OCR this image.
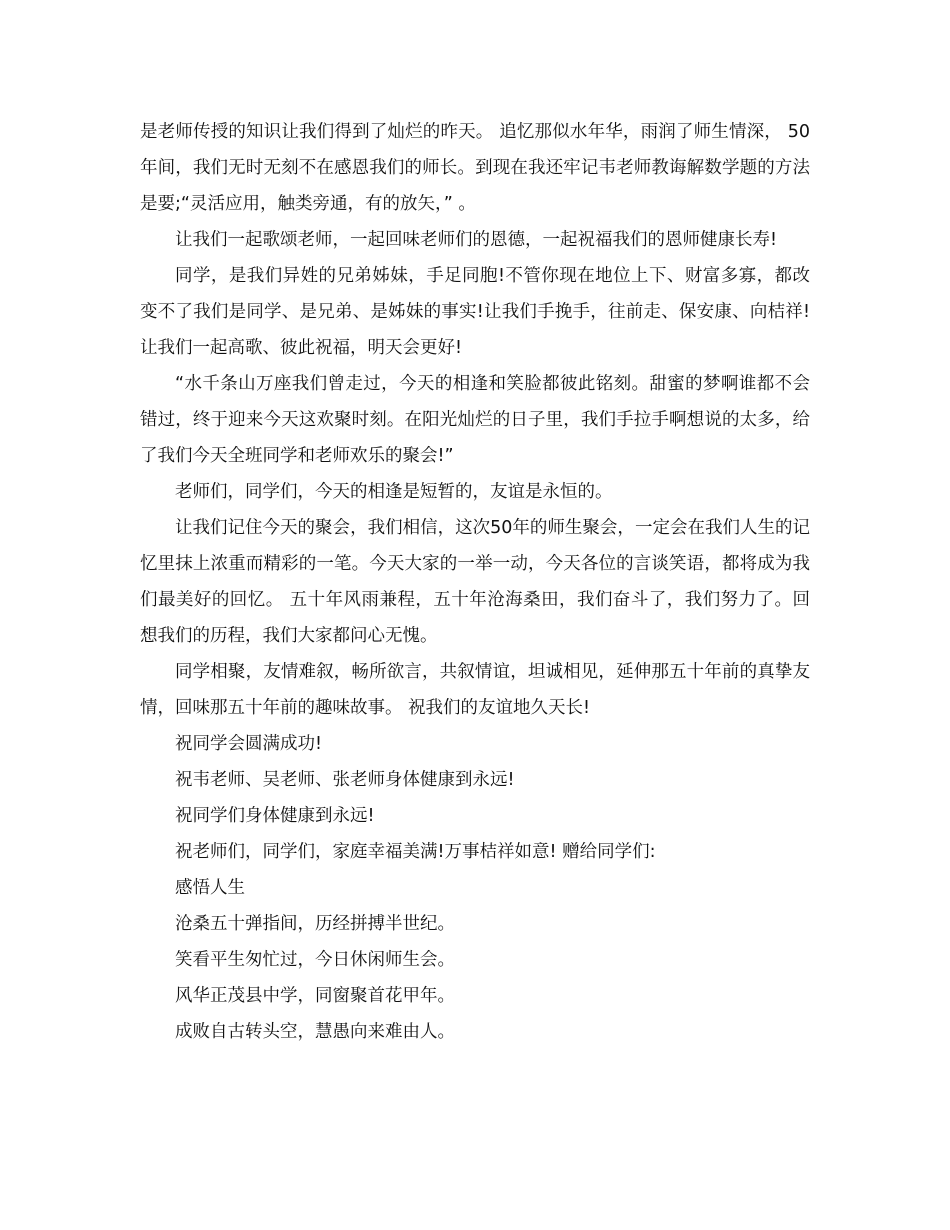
是老师传授的知识让我们得到了灿烂的昨天。 追忆那似水年华，雨润了师生情深， 50年间，我们无时无刻不在感恩我们的师长。到现在我还牢记韦老师教诲解数学题的方法是要;“灵活应用，触类旁通，有的放矢，” 。

让我们一起歌颂老师，一起回味老师们的恩德，一起祝福我们的恩师健康长寿!

同学，是我们异姓的兄弟姊妹，手足同胞!不管你现在地位上下、财富多寡，都改变不了我们是同学、是兄弟、是姊妹的事实!让我们手挽手，往前走、保安康、向桔祥!让我们一起高歌、彼此祝福，明天会更好!

“水千条山万座我们曾走过，今天的相逢和笑脸都彼此铭刻。甜蜜的梦啊谁都不会错过，终于迎来今天这欢聚时刻。在阳光灿烂的日子里，我们手拉手啊想说的太多，给了我们今天全班同学和老师欢乐的聚会!”

老师们，同学们，今天的相逢是短暂的，友谊是永恒的。

让我们记住今天的聚会，我们相信，这次50年的师生聚会，一定会在我们人生的记忆里抹上浓重而精彩的一笔。今天大家的一举一动，今天各位的言谈笑语，都将成为我们最美好的回忆。 五十年风雨兼程，五十年沧海桑田，我们奋斗了，我们努力了。回想我们的历程，我们大家都问心无愧。

同学相聚，友情难叙，畅所欲言，共叙情谊，坦诚相见，延伸那五十年前的真挚友情，回味那五十年前的趣味故事。 祝我们的友谊地久天长!

祝同学会圆满成功!

祝韦老师、吴老师、张老师身体健康到永远!

祝同学们身体健康到永远!

祝老师们，同学们，家庭幸福美满!万事桔祥如意! 赠给同学们:

感悟人生

沧桑五十弹指间，历经拼搏半世纪。

笑看平生匆忙过，今日休闲师生会。

风华正茂县中学，同窗聚首花甲年。

成败自古转头空，慧愚向来难由人。
